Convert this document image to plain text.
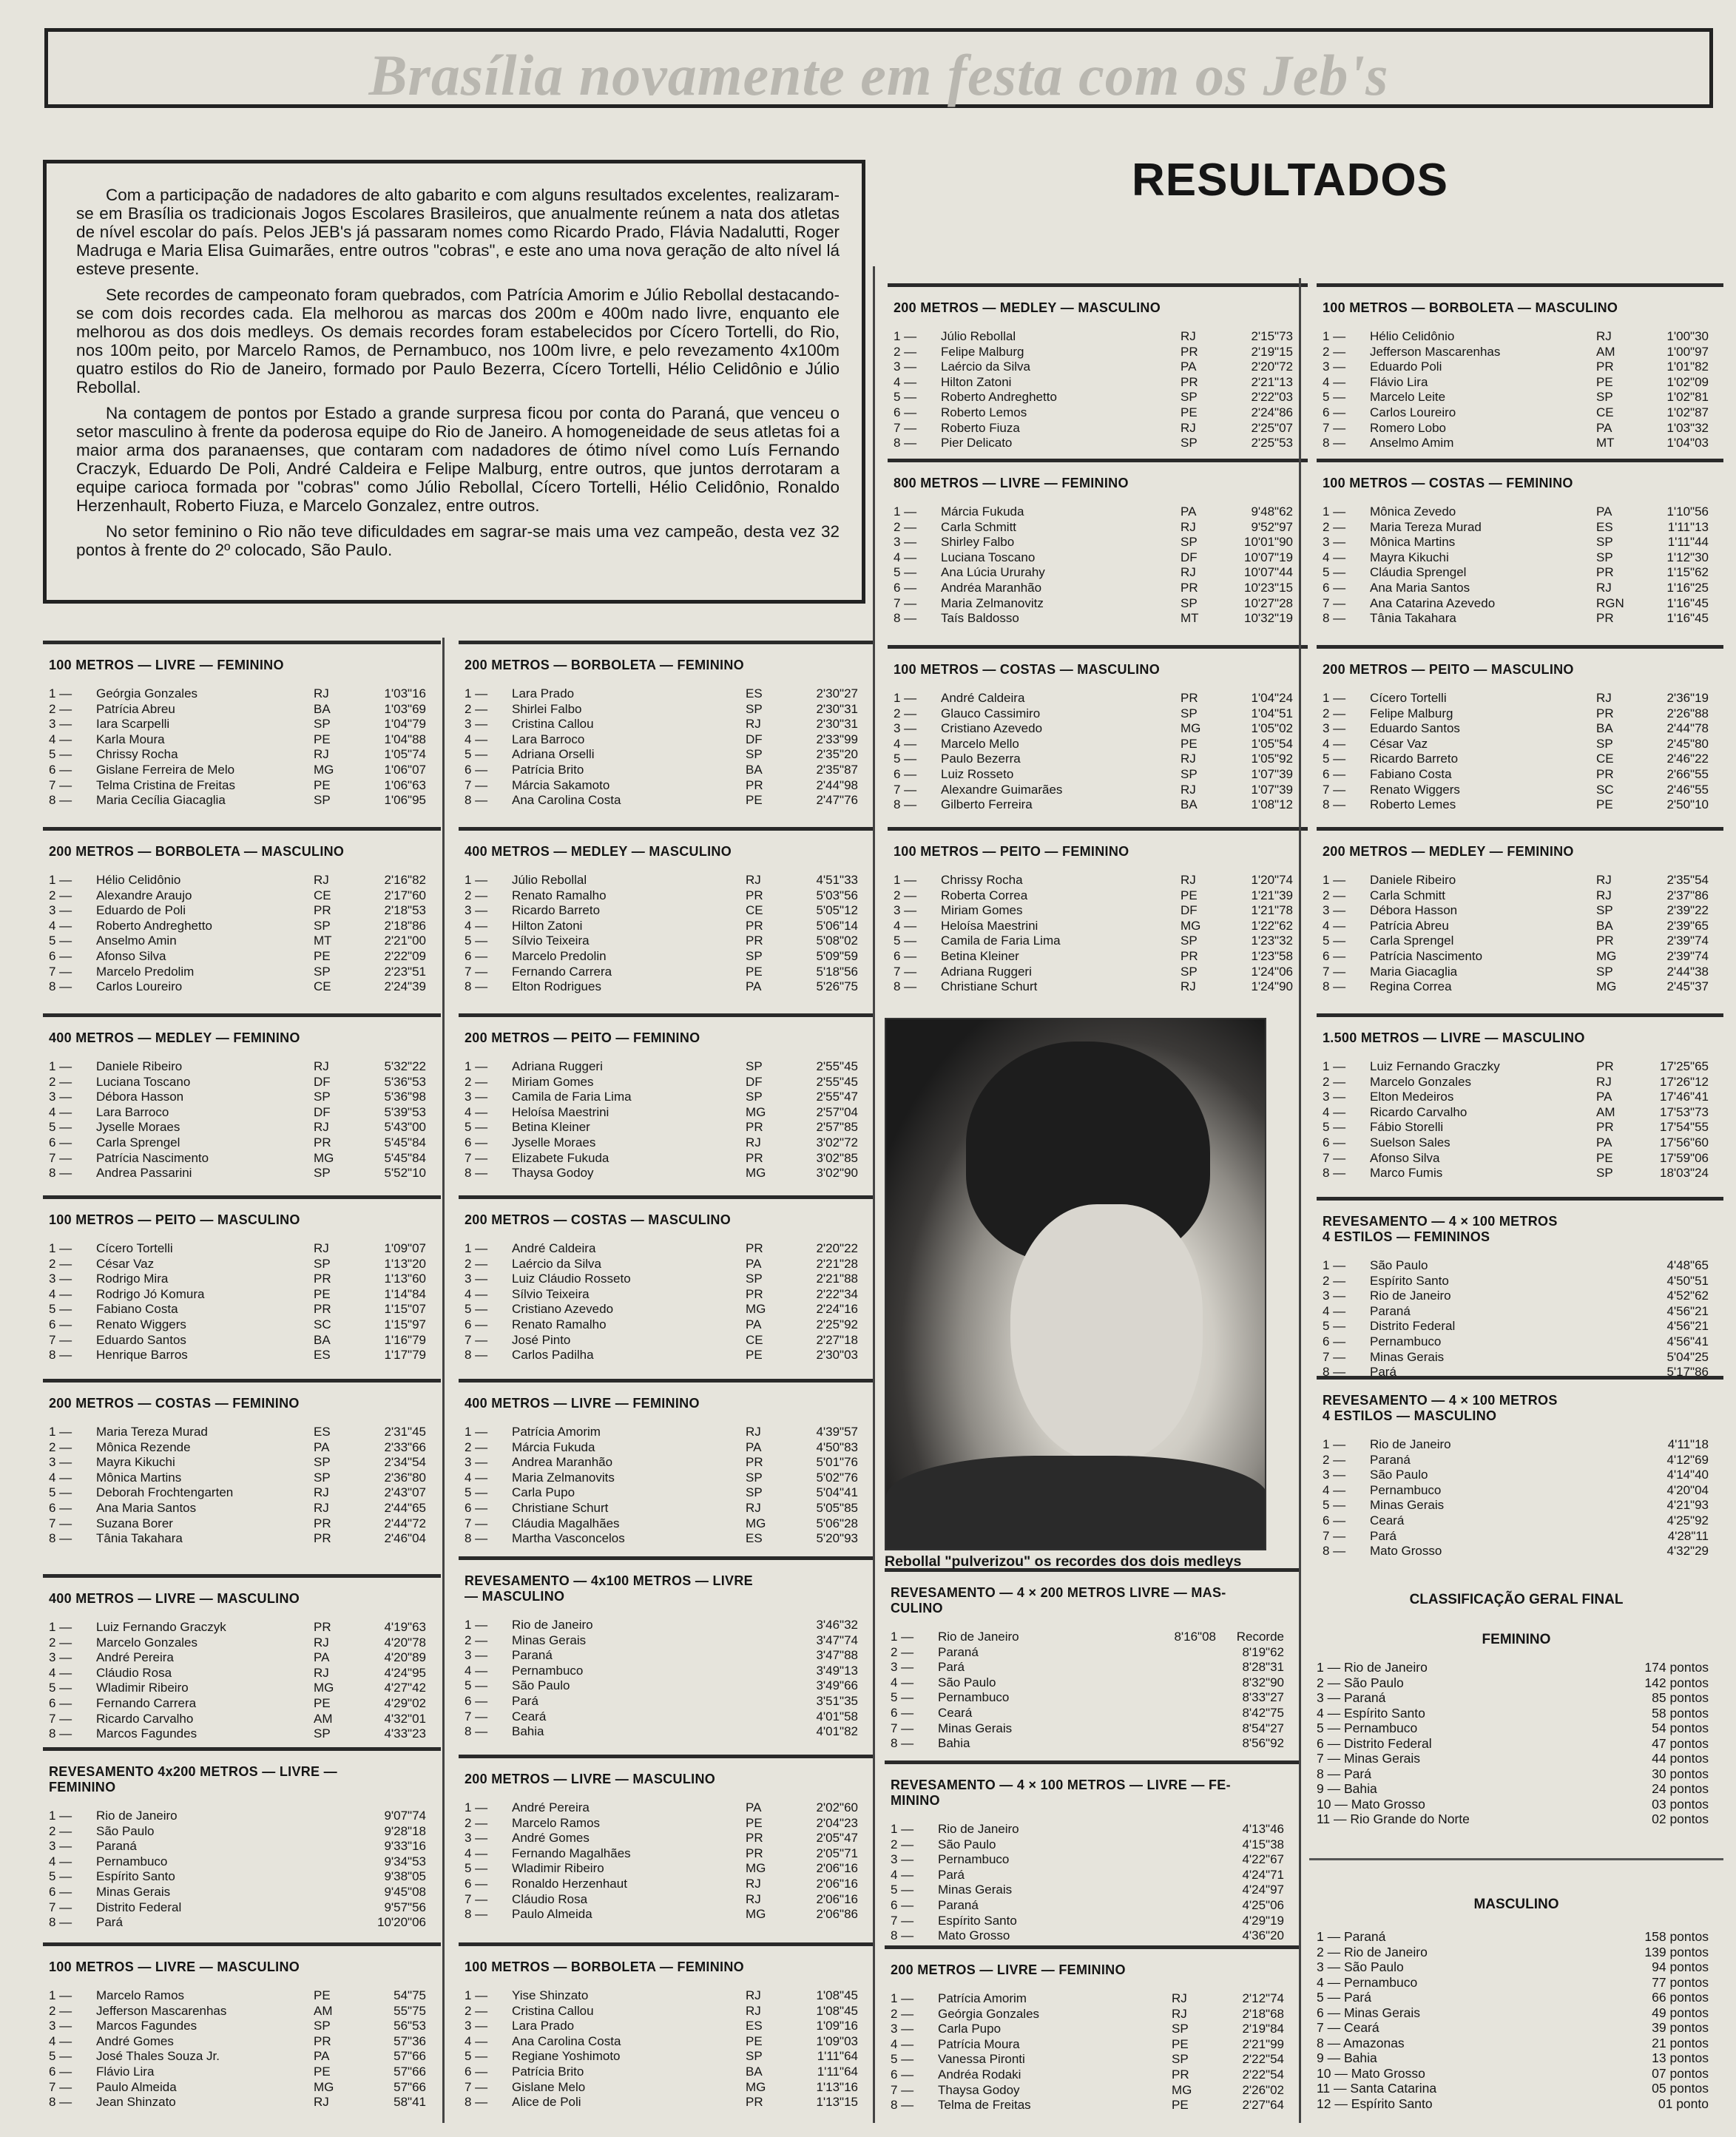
Brasília novamente em festa com os Jeb's

Com a participação de nadadores de alto gabarito e com alguns resultados excelentes, realizaram-se em Brasília os tradicionais Jogos Escolares Brasileiros, que anualmente reúnem a nata dos atletas de nível escolar do país. Pelos JEB's já passaram nomes como Ricardo Prado, Flávia Nadalutti, Roger Madruga e Maria Elisa Guimarães, entre outros "cobras", e este ano uma nova geração de alto nível lá esteve presente.

Sete recordes de campeonato foram quebrados, com Patrícia Amorim e Júlio Rebollal destacando-se com dois recordes cada. Ela melhorou as marcas dos 200m e 400m nado livre, enquanto ele melhorou as dos dois medleys. Os demais recordes foram estabelecidos por Cícero Tortelli, do Rio, nos 100m peito, por Marcelo Ramos, de Pernambuco, nos 100m livre, e pelo revezamento 4x100m quatro estilos do Rio de Janeiro, formado por Paulo Bezerra, Cícero Tortelli, Hélio Celidônio e Júlio Rebollal.

Na contagem de pontos por Estado a grande surpresa ficou por conta do Paraná, que venceu o setor masculino à frente da poderosa equipe do Rio de Janeiro. A homogeneidade de seus atletas foi a maior arma dos paranaenses, que contaram com nadadores de ótimo nível como Luís Fernando Craczyk, Eduardo De Poli, André Caldeira e Felipe Malburg, entre outros, que juntos derrotaram a equipe carioca formada por "cobras" como Júlio Rebollal, Cícero Tortelli, Hélio Celidônio, Ronaldo Herzenhault, Roberto Fiuza, e Marcelo Gonzalez, entre outros.

No setor feminino o Rio não teve dificuldades em sagrar-se mais uma vez campeão, desta vez 32 pontos à frente do 2º colocado, São Paulo.

RESULTADOS
200 METROS — MEDLEY — MASCULINO
1 —	Júlio Rebollal	RJ	2'15"73
2 —	Felipe Malburg	PR	2'19"15
3 —	Laércio da Silva	PA	2'20"72
4 —	Hilton Zatoni	PR	2'21"13
5 —	Roberto Andreghetto	SP	2'22"03
6 —	Roberto Lemos	PE	2'24"86
7 —	Roberto Fiuza	RJ	2'25"07
8 —	Pier Delicato	SP	2'25"53
100 METROS — BORBOLETA — MASCULINO
1 —	Hélio Celidônio	RJ	1'00"30
2 —	Jefferson Mascarenhas	AM	1'00"97
3 —	Eduardo Poli	PR	1'01"82
4 —	Flávio Lira	PE	1'02"09
5 —	Marcelo Leite	SP	1'02"81
6 —	Carlos Loureiro	CE	1'02"87
7 —	Romero Lobo	PA	1'03"32
8 —	Anselmo Amim	MT	1'04"03
800 METROS — LIVRE — FEMININO
1 —	Márcia Fukuda	PA	9'48"62
2 —	Carla Schmitt	RJ	9'52"97
3 —	Shirley Falbo	SP	10'01"90
4 —	Luciana Toscano	DF	10'07"19
5 —	Ana Lúcia Ururahy	RJ	10'07"44
6 —	Andréa Maranhão	PR	10'23"15
7 —	Maria Zelmanovitz	SP	10'27"28
8 —	Taís Baldosso	MT	10'32"19
100 METROS — COSTAS — FEMININO
1 —	Mônica Zevedo	PA	1'10"56
2 —	Maria Tereza Murad	ES	1'11"13
3 —	Mônica Martins	SP	1'11"44
4 —	Mayra Kikuchi	SP	1'12"30
5 —	Cláudia Sprengel	PR	1'15"62
6 —	Ana Maria Santos	RJ	1'16"25
7 —	Ana Catarina Azevedo	RGN	1'16"45
8 —	Tânia Takahara	PR	1'16"45
100 METROS — LIVRE — FEMININO
1 —	Geórgia Gonzales	RJ	1'03"16
2 —	Patrícia Abreu	BA	1'03"69
3 —	Iara Scarpelli	SP	1'04"79
4 —	Karla Moura	PE	1'04"88
5 —	Chrissy Rocha	RJ	1'05"74
6 —	Gislane Ferreira de Melo	MG	1'06"07
7 —	Telma Cristina de Freitas	PE	1'06"63
8 —	Maria Cecília Giacaglia	SP	1'06"95
200 METROS — BORBOLETA — FEMININO
1 —	Lara Prado	ES	2'30"27
2 —	Shirlei Falbo	SP	2'30"31
3 —	Cristina Callou	RJ	2'30"31
4 —	Lara Barroco	DF	2'33"99
5 —	Adriana Orselli	SP	2'35"20
6 —	Patrícia Brito	BA	2'35"87
7 —	Márcia Sakamoto	PR	2'44"98
8 —	Ana Carolina Costa	PE	2'47"76
100 METROS — COSTAS — MASCULINO
1 —	André Caldeira	PR	1'04"24
2 —	Glauco Cassimiro	SP	1'04"51
3 —	Cristiano Azevedo	MG	1'05"02
4 —	Marcelo Mello	PE	1'05"54
5 —	Paulo Bezerra	RJ	1'05"92
6 —	Luiz Rosseto	SP	1'07"39
7 —	Alexandre Guimarães	RJ	1'07"39
8 —	Gilberto Ferreira	BA	1'08"12
200 METROS — PEITO — MASCULINO
1 —	Cícero Tortelli	RJ	2'36"19
2 —	Felipe Malburg	PR	2'26"88
3 —	Eduardo Santos	BA	2'44"78
4 —	César Vaz	SP	2'45"80
5 —	Ricardo Barreto	CE	2'46"22
6 —	Fabiano Costa	PR	2'66"55
7 —	Renato Wiggers	SC	2'46"55
8 —	Roberto Lemes	PE	2'50"10
200 METROS — BORBOLETA — MASCULINO
1 —	Hélio Celidônio	RJ	2'16"82
2 —	Alexandre Araujo	CE	2'17"60
3 —	Eduardo de Poli	PR	2'18"53
4 —	Roberto Andreghetto	SP	2'18"86
5 —	Anselmo Amin	MT	2'21"00
6 —	Afonso Silva	PE	2'22"09
7 —	Marcelo Predolim	SP	2'23"51
8 —	Carlos Loureiro	CE	2'24"39
400 METROS — MEDLEY — MASCULINO
1 —	Júlio Rebollal	RJ	4'51"33
2 —	Renato Ramalho	PR	5'03"56
3 —	Ricardo Barreto	CE	5'05"12
4 —	Hilton Zatoni	PR	5'06"14
5 —	Sílvio Teixeira	PR	5'08"02
6 —	Marcelo Predolin	SP	5'09"59
7 —	Fernando Carrera	PE	5'18"56
8 —	Elton Rodrigues	PA	5'26"75
100 METROS — PEITO — FEMININO
1 —	Chrissy Rocha	RJ	1'20"74
2 —	Roberta Correa	PE	1'21"39
3 —	Miriam Gomes	DF	1'21"78
4 —	Heloísa Maestrini	MG	1'22"62
5 —	Camila de Faria Lima	SP	1'23"32
6 —	Betina Kleiner	PR	1'23"58
7 —	Adriana Ruggeri	SP	1'24"06
8 —	Christiane Schurt	RJ	1'24"90
200 METROS — MEDLEY — FEMININO
1 —	Daniele Ribeiro	RJ	2'35"54
2 —	Carla Schmitt	RJ	2'37"86
3 —	Débora Hasson	SP	2'39"22
4 —	Patrícia Abreu	BA	2'39"65
5 —	Carla Sprengel	PR	2'39"74
6 —	Patrícia Nascimento	MG	2'39"74
7 —	Maria Giacaglia	SP	2'44"38
8 —	Regina Correa	MG	2'45"37
400 METROS — MEDLEY — FEMININO
1 —	Daniele Ribeiro	RJ	5'32"22
2 —	Luciana Toscano	DF	5'36"53
3 —	Débora Hasson	SP	5'36"98
4 —	Lara Barroco	DF	5'39"53
5 —	Jyselle Moraes	RJ	5'43"00
6 —	Carla Sprengel	PR	5'45"84
7 —	Patrícia Nascimento	MG	5'45"84
8 —	Andrea Passarini	SP	5'52"10
200 METROS — PEITO — FEMININO
1 —	Adriana Ruggeri	SP	2'55"45
2 —	Miriam Gomes	DF	2'55"45
3 —	Camila de Faria Lima	SP	2'55"47
4 —	Heloísa Maestrini	MG	2'57"04
5 —	Betina Kleiner	PR	2'57"85
6 —	Jyselle Moraes	RJ	3'02"72
7 —	Elizabete Fukuda	PR	3'02"85
8 —	Thaysa Godoy	MG	3'02"90
1.500 METROS — LIVRE — MASCULINO
1 —	Luiz Fernando Graczky	PR	17'25"65
2 —	Marcelo Gonzales	RJ	17'26"12
3 —	Elton Medeiros	PA	17'46"41
4 —	Ricardo Carvalho	AM	17'53"73
5 —	Fábio Storelli	PR	17'54"55
6 —	Suelson Sales	PA	17'56"60
7 —	Afonso Silva	PE	17'59"06
8 —	Marco Fumis	SP	18'03"24
100 METROS — PEITO — MASCULINO
1 —	Cícero Tortelli	RJ	1'09"07
2 —	César Vaz	SP	1'13"20
3 —	Rodrigo Mira	PR	1'13"60
4 —	Rodrigo Jó Komura	PE	1'14"84
5 —	Fabiano Costa	PR	1'15"07
6 —	Renato Wiggers	SC	1'15"97
7 —	Eduardo Santos	BA	1'16"79
8 —	Henrique Barros	ES	1'17"79
200 METROS — COSTAS — MASCULINO
1 —	André Caldeira	PR	2'20"22
2 —	Laércio da Silva	PA	2'21"28
3 —	Luiz Cláudio Rosseto	SP	2'21"88
4 —	Sílvio Teixeira	PR	2'22"34
5 —	Cristiano Azevedo	MG	2'24"16
6 —	Renato Ramalho	PA	2'25"92
7 —	José Pinto	CE	2'27"18
8 —	Carlos Padilha	PE	2'30"03
REVESAMENTO — 4 × 100 METROS
4 ESTILOS — FEMININOS
1 —	São Paulo	4'48"65
2 —	Espírito Santo	4'50"51
3 —	Rio de Janeiro	4'52"62
4 —	Paraná	4'56"21
5 —	Distrito Federal	4'56"21
6 —	Pernambuco	4'56"41
7 —	Minas Gerais	5'04"25
8 —	Pará	5'17"86
200 METROS — COSTAS — FEMININO
1 —	Maria Tereza Murad	ES	2'31"45
2 —	Mônica Rezende	PA	2'33"66
3 —	Mayra Kikuchi	SP	2'34"54
4 —	Mônica Martins	SP	2'36"80
5 —	Deborah Frochtengarten	RJ	2'43"07
6 —	Ana Maria Santos	RJ	2'44"65
7 —	Suzana Borer	PR	2'44"72
8 —	Tânia Takahara	PR	2'46"04
400 METROS — LIVRE — FEMININO
1 —	Patrícia Amorim	RJ	4'39"57
2 —	Márcia Fukuda	PA	4'50"83
3 —	Andrea Maranhão	PR	5'01"76
4 —	Maria Zelmanovits	SP	5'02"76
5 —	Carla Pupo	SP	5'04"41
6 —	Christiane Schurt	RJ	5'05"85
7 —	Cláudia Magalhães	MG	5'06"28
8 —	Martha Vasconcelos	ES	5'20"93
REVESAMENTO — 4 × 100 METROS
4 ESTILOS — MASCULINO
1 —	Rio de Janeiro	4'11"18
2 —	Paraná	4'12"69
3 —	São Paulo	4'14"40
4 —	Pernambuco	4'20"04
5 —	Minas Gerais	4'21"93
6 —	Ceará	4'25"92
7 —	Pará	4'28"11
8 —	Mato Grosso	4'32"29
400 METROS — LIVRE — MASCULINO
1 —	Luiz Fernando Graczyk	PR	4'19"63
2 —	Marcelo Gonzales	RJ	4'20"78
3 —	André Pereira	PA	4'20"89
4 —	Cláudio Rosa	RJ	4'24"95
5 —	Wladimir Ribeiro	MG	4'27"42
6 —	Fernando Carrera	PE	4'29"02
7 —	Ricardo Carvalho	AM	4'32"01
8 —	Marcos Fagundes	SP	4'33"23
REVESAMENTO — 4x100 METROS — LIVRE
— MASCULINO
1 —	Rio de Janeiro	3'46"32
2 —	Minas Gerais	3'47"74
3 —	Paraná	3'47"88
4 —	Pernambuco	3'49"13
5 —	São Paulo	3'49"66
6 —	Pará	3'51"35
7 —	Ceará	4'01"58
8 —	Bahia	4'01"82
REVESAMENTO — 4 × 200 METROS LIVRE — MAS-
CULINO
1 —	Rio de Janeiro	8'16"08	Recorde
2 —	Paraná	8'19"62
3 —	Pará	8'28"31
4 —	São Paulo	8'32"90
5 —	Pernambuco	8'33"27
6 —	Ceará	8'42"75
7 —	Minas Gerais	8'54"27
8 —	Bahia	8'56"92
REVESAMENTO 4x200 METROS — LIVRE —
FEMININO
1 —	Rio de Janeiro	9'07"74
2 —	São Paulo	9'28"18
3 —	Paraná	9'33"16
4 —	Pernambuco	9'34"53
5 —	Espírito Santo	9'38"05
6 —	Minas Gerais	9'45"08
7 —	Distrito Federal	9'57"56
8 —	Pará	10'20"06
200 METROS — LIVRE — MASCULINO
1 —	André Pereira	PA	2'02"60
2 —	Marcelo Ramos	PE	2'04"23
3 —	André Gomes	PR	2'05"47
4 —	Fernando Magalhães	PR	2'05"71
5 —	Wladimir Ribeiro	MG	2'06"16
6 —	Ronaldo Herzenhaut	RJ	2'06"16
7 —	Cláudio Rosa	RJ	2'06"16
8 —	Paulo Almeida	MG	2'06"86
REVESAMENTO — 4 × 100 METROS — LIVRE — FE-
MININO
1 —	Rio de Janeiro	4'13"46
2 —	São Paulo	4'15"38
3 —	Pernambuco	4'22"67
4 —	Pará	4'24"71
5 —	Minas Gerais	4'24"97
6 —	Paraná	4'25"06
7 —	Espírito Santo	4'29"19
8 —	Mato Grosso	4'36"20
100 METROS — LIVRE — MASCULINO
1 —	Marcelo Ramos	PE	54"75
2 —	Jefferson Mascarenhas	AM	55"75
3 —	Marcos Fagundes	SP	56"53
4 —	André Gomes	PR	57"36
5 —	José Thales Souza Jr.	PA	57"66
6 —	Flávio Lira	PE	57"66
7 —	Paulo Almeida	MG	57"66
8 —	Jean Shinzato	RJ	58"41
100 METROS — BORBOLETA — FEMININO
1 —	Yise Shinzato	RJ	1'08"45
2 —	Cristina Callou	RJ	1'08"45
3 —	Lara Prado	ES	1'09"16
4 —	Ana Carolina Costa	PE	1'09"03
5 —	Regiane Yoshimoto	SP	1'11"64
6 —	Patrícia Brito	BA	1'11"64
7 —	Gislane Melo	MG	1'13"16
8 —	Alice de Poli	PR	1'13"15
200 METROS — LIVRE — FEMININO
1 —	Patrícia Amorim	RJ	2'12"74
2 —	Geórgia Gonzales	RJ	2'18"68
3 —	Carla Pupo	SP	2'19"84
4 —	Patrícia Moura	PE	2'21"99
5 —	Vanessa Pironti	SP	2'22"54
6 —	Andréa Rodaki	PR	2'22"54
7 —	Thaysa Godoy	MG	2'26"02
8 —	Telma de Freitas	PE	2'27"64
Rebollal "pulverizou" os recordes dos dois medleys
CLASSIFICAÇÃO GERAL FINAL
FEMININO
1 — Rio de Janeiro	174 pontos
2 — São Paulo	142 pontos
3 — Paraná	85 pontos
4 — Espírito Santo	58 pontos
5 — Pernambuco	54 pontos
6 — Distrito Federal	47 pontos
7 — Minas Gerais	44 pontos
8 — Pará	30 pontos
9 — Bahia	24 pontos
10 — Mato Grosso	03 pontos
11 — Rio Grande do Norte	02 pontos
MASCULINO
1 — Paraná	158 pontos
2 — Rio de Janeiro	139 pontos
3 — São Paulo	94 pontos
4 — Pernambuco	77 pontos
5 — Pará	66 pontos
6 — Minas Gerais	49 pontos
7 — Ceará	39 pontos
8 — Amazonas	21 pontos
9 — Bahia	13 pontos
10 — Mato Grosso	07 pontos
11 — Santa Catarina	05 pontos
12 — Espírito Santo	01 ponto
